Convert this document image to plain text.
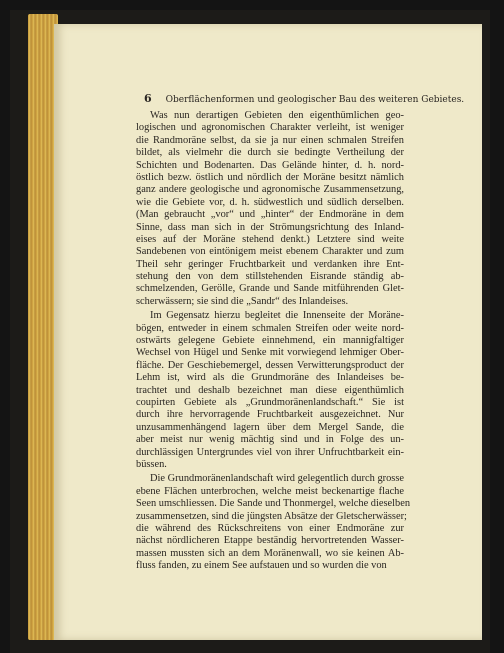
6 Oberflächenformen und geologischer Bau des weiteren Gebietes.
Was nun derartigen Gebieten den eigenthümlichen geo-
logischen und agronomischen Charakter verleiht, ist weniger
die Randmoräne selbst, da sie ja nur einen schmalen Streifen
bildet, als vielmehr die durch sie bedingte Vertheilung der
Schichten und Bodenarten. Das Gelände hinter, d. h. nord-
östlich bezw. östlich und nördlich der Moräne besitzt nämlich
ganz andere geologische und agronomische Zusammensetzung,
wie die Gebiete vor, d. h. südwestlich und südlich derselben.
(Man gebraucht „vor“ und „hinter“ der Endmoräne in dem
Sinne, dass man sich in der Strömungsrichtung des Inland-
eises auf der Moräne stehend denkt.) Letztere sind weite
Sandebenen von eintönigem meist ebenem Charakter und zum
Theil sehr geringer Fruchtbarkeit und verdanken ihre Ent-
stehung den von dem stillstehenden Eisrande ständig ab-
schmelzenden, Gerölle, Grande und Sande mitführenden Glet-
scherwässern; sie sind die „Sandr“ des Inlandeises.
Im Gegensatz hierzu begleitet die Innenseite der Moräne-
bögen, entweder in einem schmalen Streifen oder weite nord-
ostwärts gelegene Gebiete einnehmend, ein mannigfaltiger
Wechsel von Hügel und Senke mit vorwiegend lehmiger Ober-
fläche. Der Geschiebemergel, dessen Verwitterungsproduct der
Lehm ist, wird als die Grundmoräne des Inlandeises be-
trachtet und deshalb bezeichnet man diese eigenthümlich
coupirten Gebiete als „Grundmoränenlandschaft.“ Sie ist
durch ihre hervorragende Fruchtbarkeit ausgezeichnet. Nur
unzusammenhängend lagern über dem Mergel Sande, die
aber meist nur wenig mächtig sind und in Folge des un-
durchlässigen Untergrundes viel von ihrer Unfruchtbarkeit ein-
büssen.
Die Grundmoränenlandschaft wird gelegentlich durch grosse
ebene Flächen unterbrochen, welche meist beckenartige flache
Seen umschliessen. Die Sande und Thonmergel, welche dieselben
zusammensetzen, sind die jüngsten Absätze der Gletscherwässer;
die während des Rückschreitens von einer Endmoräne zur
nächst nördlicheren Etappe beständig hervortretenden Wasser-
massen mussten sich an dem Moränenwall, wo sie keinen Ab-
fluss fanden, zu einem See aufstauen und so wurden die von
